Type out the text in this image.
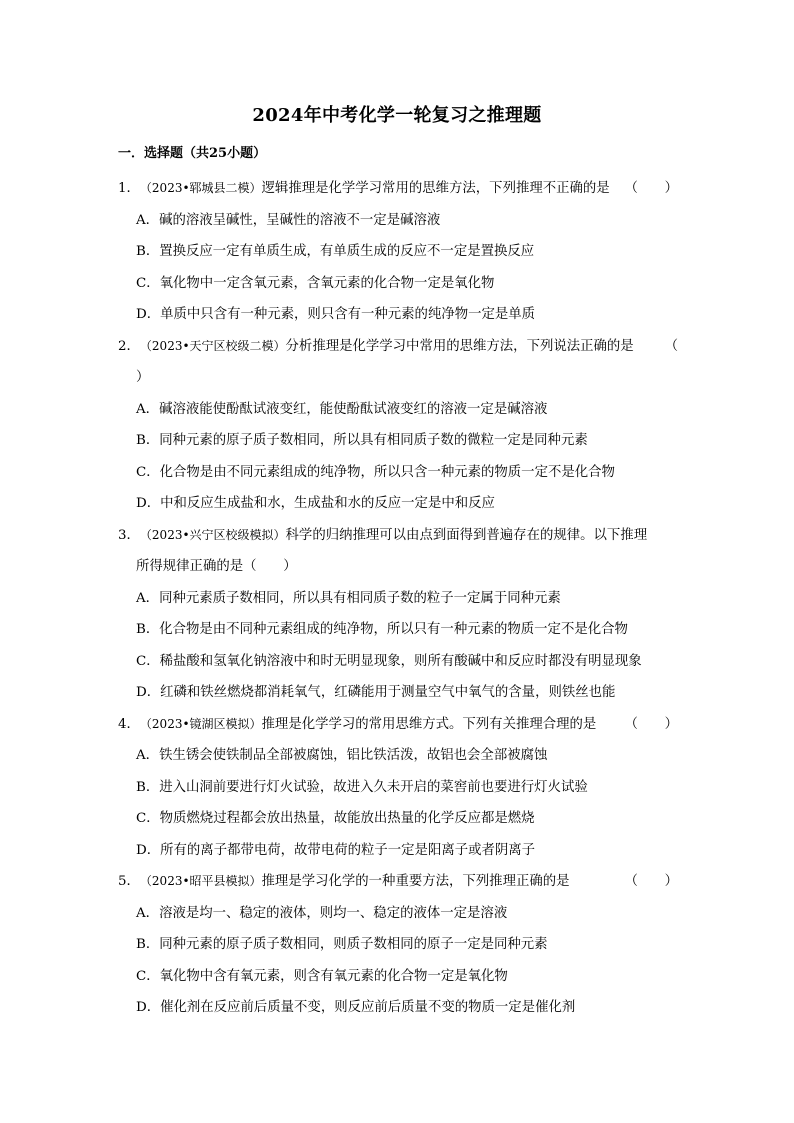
2024年中考化学一轮复习之推理题
一．选择题（共25小题）
1． （2023•郓城县二模） 逻辑推理是化学学习常用的思维方法，下列推理不正确的是	（　　）
A．碱的溶液呈碱性，呈碱性的溶液不一定是碱溶液
B．置换反应一定有单质生成，有单质生成的反应不一定是置换反应
C．氧化物中一定含氧元素，含氧元素的化合物一定是氧化物
D．单质中只含有一种元素，则只含有一种元素的纯净物一定是单质
2． （2023•天宁区校级二模） 分析推理是化学学习中常用的思维方法，下列说法正确的是	（
）
A．碱溶液能使酚酞试液变红，能使酚酞试液变红的溶液一定是碱溶液
B．同种元素的原子质子数相同，所以具有相同质子数的微粒一定是同种元素
C．化合物是由不同元素组成的纯净物，所以只含一种元素的物质一定不是化合物
D．中和反应生成盐和水，生成盐和水的反应一定是中和反应
3． （2023•兴宁区校级模拟） 科学的归纳推理可以由点到面得到普遍存在的规律。以下推理
所得规律正确的是（　　）
A．同种元素质子数相同，所以具有相同质子数的粒子一定属于同种元素
B．化合物是由不同种元素组成的纯净物，所以只有一种元素的物质一定不是化合物
C．稀盐酸和氢氧化钠溶液中和时无明显现象，则所有酸碱中和反应时都没有明显现象
D．红磷和铁丝燃烧都消耗氧气，红磷能用于测量空气中氧气的含量，则铁丝也能
4． （2023•镜湖区模拟） 推理是化学学习的常用思维方式。下列有关推理合理的是	（　　）
A．铁生锈会使铁制品全部被腐蚀，铝比铁活泼，故铝也会全部被腐蚀
B．进入山洞前要进行灯火试验，故进入久未开启的菜窖前也要进行灯火试验
C．物质燃烧过程都会放出热量，故能放出热量的化学反应都是燃烧
D．所有的离子都带电荷，故带电荷的粒子一定是阳离子或者阴离子
5． （2023•昭平县模拟） 推理是学习化学的一种重要方法，下列推理正确的是	（　　）
A．溶液是均一、稳定的液体，则均一、稳定的液体一定是溶液
B．同种元素的原子质子数相同，则质子数相同的原子一定是同种元素
C．氧化物中含有氧元素，则含有氧元素的化合物一定是氧化物
D．催化剂在反应前后质量不变，则反应前后质量不变的物质一定是催化剂
